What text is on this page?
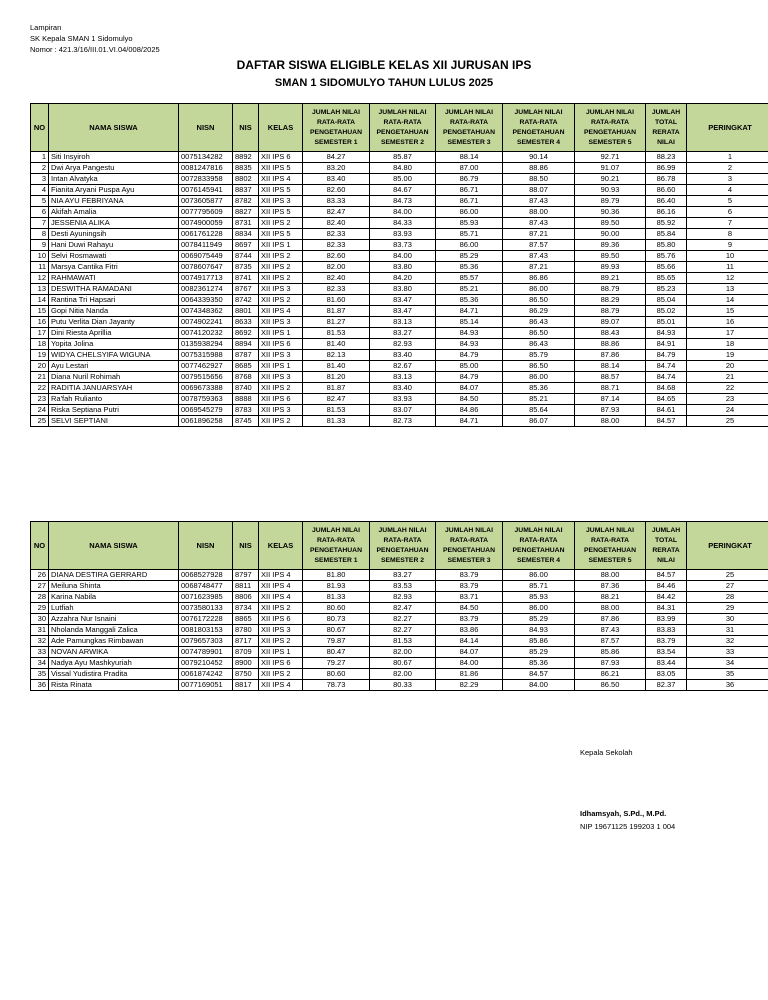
Lampiran
SK Kepala SMAN 1 Sidomulyo
Nomor : 421.3/16/III.01.VI.04/008/2025
DAFTAR SISWA ELIGIBLE KELAS XII JURUSAN IPS
SMAN 1 SIDOMULYO TAHUN LULUS 2025
NO	NAMA SISWA	NISN	NIS	KELAS	JUMLAH NILAI RATA-RATA PENGETAHUAN SEMESTER 1	JUMLAH NILAI RATA-RATA PENGETAHUAN SEMESTER 2	JUMLAH NILAI RATA-RATA PENGETAHUAN SEMESTER 3	JUMLAH NILAI RATA-RATA PENGETAHUAN SEMESTER 4	JUMLAH NILAI RATA-RATA PENGETAHUAN SEMESTER 5	JUMLAH TOTAL RERATA NILAI	PERINGKAT
1	Siti Insyiroh	0075134282	8892	XII IPS 6	84.27	85.87	88.14	90.14	92.71	88.23	1
2	Dwi Arya Pangestu	0081247816	8835	XII IPS 5	83.20	84.80	87.00	88.86	91.07	86.99	2
3	Intan Alvatyka	0072833958	8802	XII IPS 4	83.40	85.00	86.79	88.50	90.21	86.78	3
4	Fianita Aryani Puspa Ayu	0076145941	8837	XII IPS 5	82.60	84.67	86.71	88.07	90.93	86.60	4
5	NIA AYU FEBRIYANA	0073605877	8782	XII IPS 3	83.33	84.73	86.71	87.43	89.79	86.40	5
6	Akifah Amalia	0077795609	8827	XII IPS 5	82.47	84.00	86.00	88.00	90.36	86.16	6
7	JESSENIA ALIKA	0074900059	8731	XII IPS 2	82.40	84.33	85.93	87.43	89.50	85.92	7
8	Desti Ayuningsih	0061761228	8834	XII IPS 5	82.33	83.93	85.71	87.21	90.00	85.84	8
9	Hani Duwi Rahayu	0078411949	8697	XII IPS 1	82.33	83.73	86.00	87.57	89.36	85.80	9
10	Selvi Rosmawati	0069075449	8744	XII IPS 2	82.60	84.00	85.29	87.43	89.50	85.76	10
11	Marsya Cantika Fitri	0078607647	8735	XII IPS 2	82.00	83.80	85.36	87.21	89.93	85.66	11
12	RAHMAWATI	0074917713	8741	XII IPS 2	82.40	84.20	85.57	86.86	89.21	85.65	12
13	DESWITHA RAMADANI	0082361274	8767	XII IPS 3	82.33	83.80	85.21	86.00	88.79	85.23	13
14	Rantina Tri Hapsari	0064339350	8742	XII IPS 2	81.60	83.47	85.36	86.50	88.29	85.04	14
15	Gopi Nitia Nanda	0074348362	8801	XII IPS 4	81.87	83.47	84.71	86.29	88.79	85.02	15
16	Putu Verlita Dian Jayanty	0074902241	8633	XII IPS 3	81.27	83.13	85.14	86.43	89.07	85.01	16
17	Dini Riesta Aprillia	0074120232	8692	XII IPS 1	81.53	83.27	84.93	86.50	88.43	84.93	17
18	Yopita Jolina	0135938294	8894	XII IPS 6	81.40	82.93	84.93	86.43	88.86	84.91	18
19	WIDYA CHELSYIFA WIGUNA	0075315988	8787	XII IPS 3	82.13	83.40	84.79	85.79	87.86	84.79	19
20	Ayu Lestari	0077462927	8685	XII IPS 1	81.40	82.67	85.00	86.50	88.14	84.74	20
21	Diana Nuril Rohimah	0079515656	8768	XII IPS 3	81.20	83.13	84.79	86.00	88.57	84.74	21
22	RADITIA JANUARSYAH	0069673388	8740	XII IPS 2	81.87	83.40	84.07	85.36	88.71	84.68	22
23	Ra'fah Rulianto	0078759363	8888	XII IPS 6	82.47	83.93	84.50	85.21	87.14	84.65	23
24	Riska Septiana Putri	0069545279	8783	XII IPS 3	81.53	83.07	84.86	85.64	87.93	84.61	24
25	SELVI SEPTIANI	0061896258	8745	XII IPS 2	81.33	82.73	84.71	86.07	88.00	84.57	25
NO	NAMA SISWA	NISN	NIS	KELAS	JUMLAH NILAI RATA-RATA PENGETAHUAN SEMESTER 1	JUMLAH NILAI RATA-RATA PENGETAHUAN SEMESTER 2	JUMLAH NILAI RATA-RATA PENGETAHUAN SEMESTER 3	JUMLAH NILAI RATA-RATA PENGETAHUAN SEMESTER 4	JUMLAH NILAI RATA-RATA PENGETAHUAN SEMESTER 5	JUMLAH TOTAL RERATA NILAI	PERINGKAT
26	DIANA DESTIRA GERRARD	0068527928	8797	XII IPS 4	81.80	83.27	83.79	86.00	88.00	84.57	25
27	Meiluna Shinta	0068748477	8811	XII IPS 4	81.93	83.53	83.79	85.71	87.36	84.46	27
28	Karina Nabila	0071623985	8806	XII IPS 4	81.33	82.93	83.71	85.93	88.21	84.42	28
29	Lutfiah	0073580133	8734	XII IPS 2	80.60	82.47	84.50	86.00	88.00	84.31	29
30	Azzahra Nur Isnaini	0076172228	8865	XII IPS 6	80.73	82.27	83.79	85.29	87.86	83.99	30
31	Nholanda Manggali Zalica	0081803153	8780	XII IPS 3	80.67	82.27	83.86	84.93	87.43	83.83	31
32	Ade Pamungkas Rimbawan	0079657303	8717	XII IPS 2	79.87	81.53	84.14	85.86	87.57	83.79	32
33	NOVAN ARWIKA	0074789901	8709	XII IPS 1	80.47	82.00	84.07	85.29	85.86	83.54	33
34	Nadya Ayu Mashkyuriah	0079210452	8900	XII IPS 6	79.27	80.67	84.00	85.36	87.93	83.44	34
35	Vissal Yudistira Pradita	0061874242	8750	XII IPS 2	80.60	82.00	81.86	84.57	86.21	83.05	35
36	Rista Rinata	0077169051	8817	XII IPS 4	78.73	80.33	82.29	84.00	86.50	82.37	36
Kepala Sekolah
Idhamsyah, S.Pd., M.Pd.
NIP 19671125 199203 1 004
